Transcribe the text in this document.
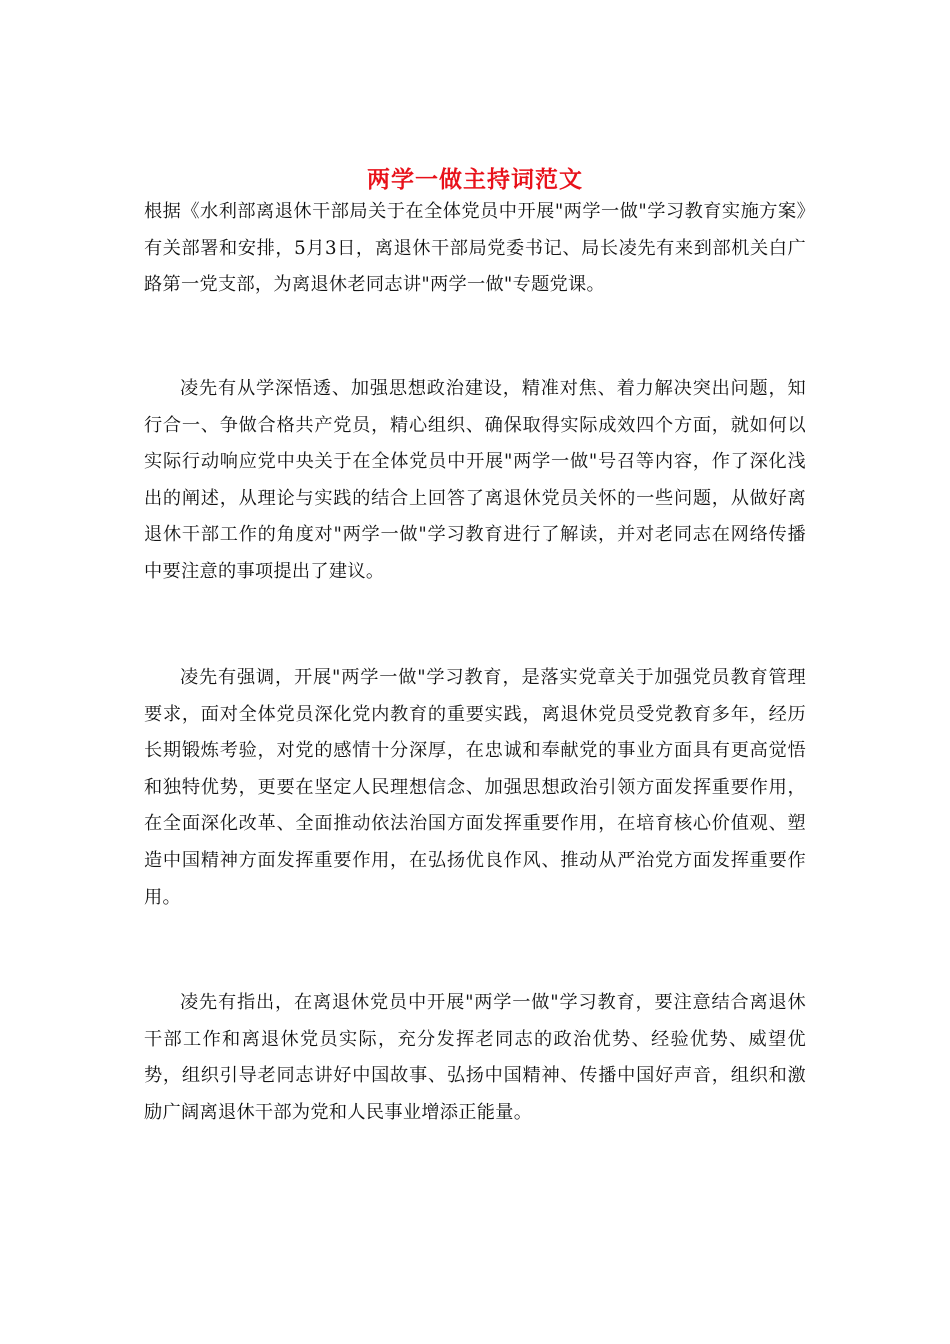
两学一做主持词范文

根据《水利部离退休干部局关于在全体党员中开展"两学一做"学习教育实施方案》有关部署和安排，5月3日，离退休干部局党委书记、局长凌先有来到部机关白广路第一党支部，为离退休老同志讲"两学一做"专题党课。

凌先有从学深悟透、加强思想政治建设，精准对焦、着力解决突出问题，知行合一、争做合格共产党员，精心组织、确保取得实际成效四个方面，就如何以实际行动响应党中央关于在全体党员中开展"两学一做"号召等内容，作了深化浅出的阐述，从理论与实践的结合上回答了离退休党员关怀的一些问题，从做好离退休干部工作的角度对"两学一做"学习教育进行了解读，并对老同志在网络传播中要注意的事项提出了建议。

凌先有强调，开展"两学一做"学习教育，是落实党章关于加强党员教育管理要求，面对全体党员深化党内教育的重要实践，离退休党员受党教育多年，经历长期锻炼考验，对党的感情十分深厚，在忠诚和奉献党的事业方面具有更高觉悟和独特优势，更要在坚定人民理想信念、加强思想政治引领方面发挥重要作用，在全面深化改革、全面推动依法治国方面发挥重要作用，在培育核心价值观、塑造中国精神方面发挥重要作用，在弘扬优良作风、推动从严治党方面发挥重要作用。

凌先有指出，在离退休党员中开展"两学一做"学习教育，要注意结合离退休干部工作和离退休党员实际，充分发挥老同志的政治优势、经验优势、威望优势，组织引导老同志讲好中国故事、弘扬中国精神、传播中国好声音，组织和激励广阔离退休干部为党和人民事业增添正能量。
